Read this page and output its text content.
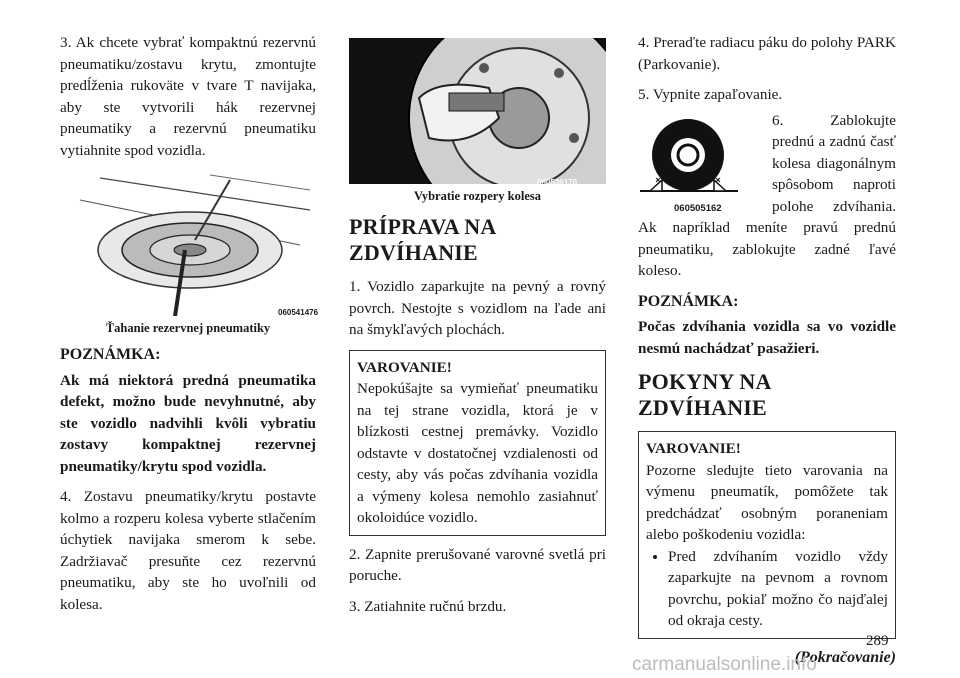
3. Ak chcete vybrať kompaktnú rezervnú pneumatiku/zostavu krytu, zmontujte predĺženia rukoväte v tvare T navijaka, aby ste vytvorili hák rezervnej pneumatiky a rezervnú pneumatiku vytiahnite spod vozidla.

060541476
Ťahanie rezervnej pneumatiky
POZNÁMKA:

Ak má niektorá predná pneumatika defekt, možno bude nevyhnutné, aby ste vozidlo nadvihli kvôli vybratiu zostavy kompaktnej rezervnej pneumatiky/krytu spod vozidla.

4. Zostavu pneumatiky/krytu postavte kolmo a rozperu kolesa vyberte stlačením úchytiek navijaka smerom k sebe. Zadržiavač presuňte cez rezervnú pneumatiku, aby ste ho uvoľnili od kolesa.

060536170
Vybratie rozpery kolesa
PRÍPRAVA NA ZDVÍHANIE

1. Vozidlo zaparkujte na pevný a rovný povrch. Nestojte s vozidlom na ľade ani na šmykľavých plochách.

VAROVANIE!

Nepokúšajte sa vymieňať pneumatiku na tej strane vozidla, ktorá je v blízkosti cestnej premávky. Vozidlo odstavte v dostatočnej vzdialenosti od cesty, aby vás počas zdvíhania vozidla a výmeny kolesa nemohlo zasiahnuť okoloidúce vozidlo.

2. Zapnite prerušované varovné svetlá pri poruche.

3. Zatiahnite ručnú brzdu.

4. Preraďte radiacu páku do polohy PARK (Parkovanie).

5. Vypnite zapaľovanie.

060505162

6. Zablokujte prednú a zadnú časť kolesa diagonálnym spôsobom naproti polohe zdvíhania. Ak napríklad meníte pravú prednú pneumatiku, zablokujte zadné ľavé koleso.

POZNÁMKA:

Počas zdvíhania vozidla sa vo vozidle nesmú nachádzať pasažieri.

POKYNY NA ZDVÍHANIE
VAROVANIE!

Pozorne sledujte tieto varovania na výmenu pneumatík, pomôžete tak predchádzať osobným poraneniam alebo poškodeniu vozidla:

• Pred zdvíhaním vozidlo vždy zaparkujte na pevnom a rovnom povrchu, pokiaľ možno čo najďalej od okraja cesty.
(Pokračovanie)
289
carmanualsonline.info
